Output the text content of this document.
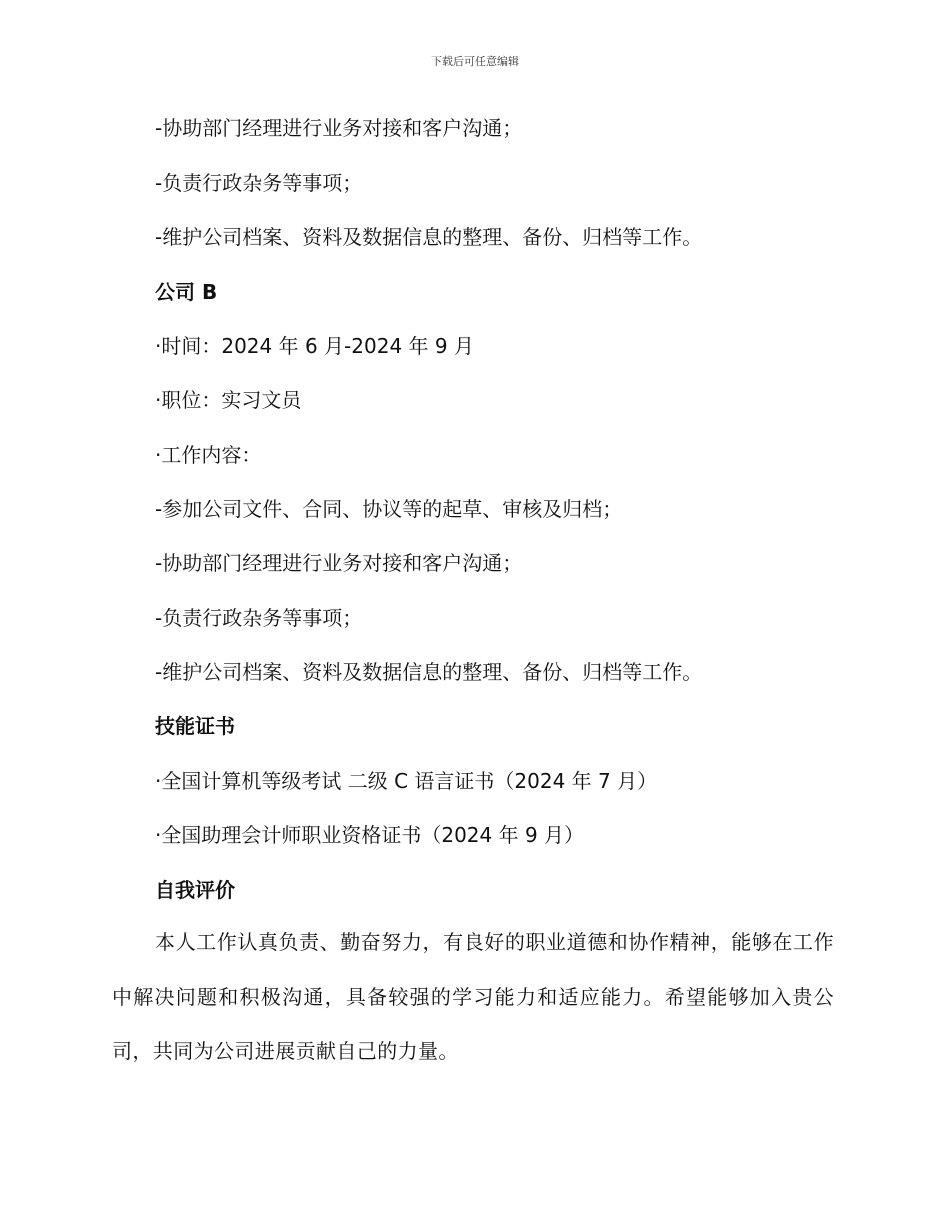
下载后可任意编辑
-协助部门经理进行业务对接和客户沟通；
-负责行政杂务等事项；
-维护公司档案、资料及数据信息的整理、备份、归档等工作。
公司 B
·时间：2024 年 6 月-2024 年 9 月
·职位：实习文员
·工作内容：
-参加公司文件、合同、协议等的起草、审核及归档；
-协助部门经理进行业务对接和客户沟通；
-负责行政杂务等事项；
-维护公司档案、资料及数据信息的整理、备份、归档等工作。
技能证书
·全国计算机等级考试 二级 C 语言证书（2024 年 7 月）
·全国助理会计师职业资格证书（2024 年 9 月）
自我评价
本人工作认真负责、勤奋努力，有良好的职业道德和协作精神，能够在工作中解决问题和积极沟通，具备较强的学习能力和适应能力。希望能够加入贵公司，共同为公司进展贡献自己的力量。
